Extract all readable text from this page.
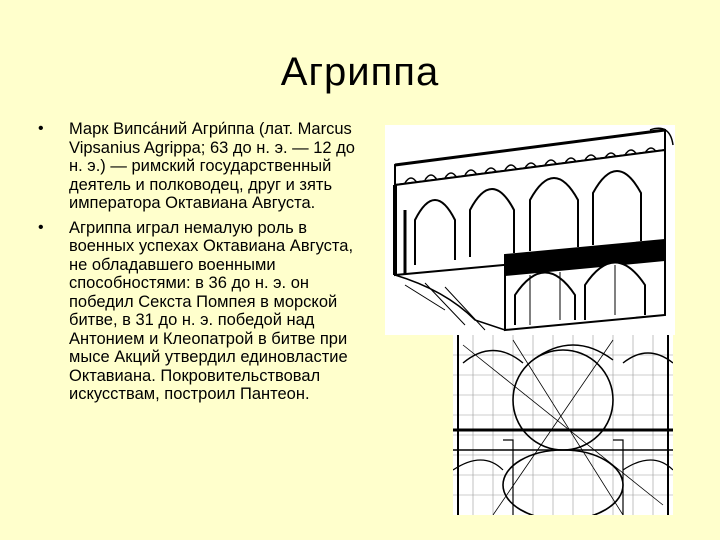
Агриппа
• Марк Випса́ний Агри́ппа (лат. Marcus Vipsanius Agrippa; 63 до н. э. — 12 до н. э.) — римский государственный деятель и полководец, друг и зять императора Октавиана Августа.
• Агриппа играл немалую роль в военных успехах Октавиана Августа, не обладавшего военными способностями: в 36 до н. э. он победил Секста Помпея в морской битве, в 31 до н. э. победой над Антонием и Клеопатрой в битве при мысе Акций утвердил единовластие Октавиана. Покровительствовал искусствам, построил Пантеон.
